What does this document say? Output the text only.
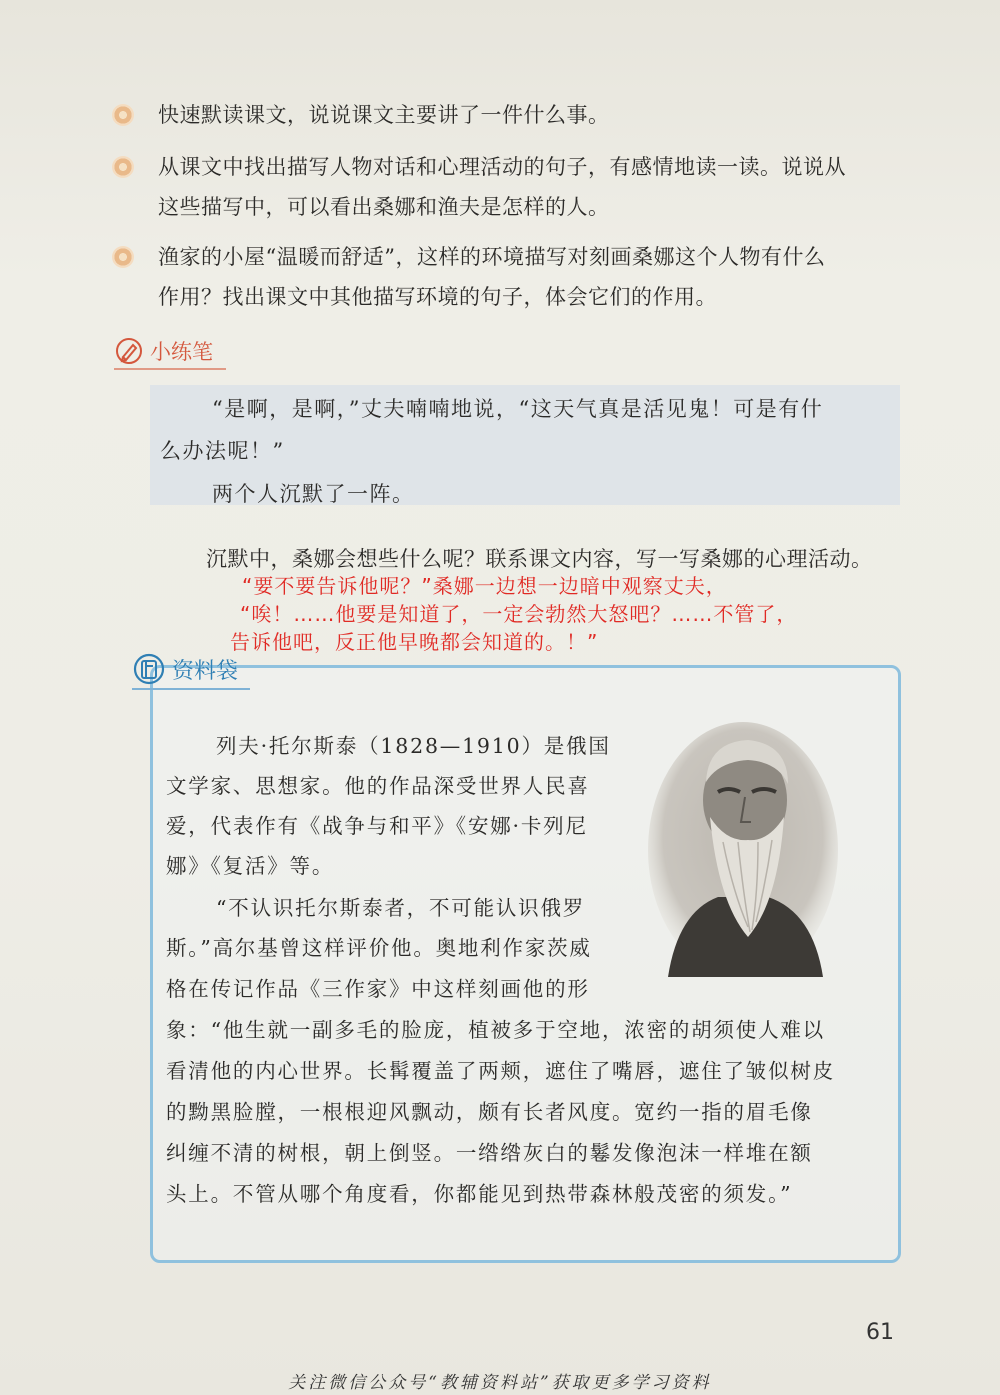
快速默读课文，说说课文主要讲了一件什么事。
从课文中找出描写人物对话和心理活动的句子，有感情地读一读。说说从
这些描写中，可以看出桑娜和渔夫是怎样的人。
渔家的小屋“温暖而舒适”，这样的环境描写对刻画桑娜这个人物有什么
作用？找出课文中其他描写环境的句子，体会它们的作用。
小练笔
“是啊，是啊，”丈夫喃喃地说，“这天气真是活见鬼！可是有什
么办法呢！”
两个人沉默了一阵。
沉默中，桑娜会想些什么呢？联系课文内容，写一写桑娜的心理活动。
“要不要告诉他呢？”桑娜一边想一边暗中观察丈夫，
“唉！……他要是知道了，一定会勃然大怒吧？……不管了，
告诉他吧，反正他早晚都会知道的。！”
资料袋
列夫·托尔斯泰（1828—1910）是俄国
文学家、思想家。他的作品深受世界人民喜
爱，代表作有《战争与和平》《安娜·卡列尼
娜》《复活》等。
“不认识托尔斯泰者，不可能认识俄罗
斯。”高尔基曾这样评价他。奥地利作家茨威
格在传记作品《三作家》中这样刻画他的形
象：“他生就一副多毛的脸庞，植被多于空地，浓密的胡须使人难以
看清他的内心世界。长髯覆盖了两颊，遮住了嘴唇，遮住了皱似树皮
的黝黑脸膛，一根根迎风飘动，颇有长者风度。宽约一指的眉毛像
纠缠不清的树根，朝上倒竖。一绺绺灰白的鬈发像泡沫一样堆在额
头上。不管从哪个角度看，你都能见到热带森林般茂密的须发。”
61
关注微信公众号“教辅资料站”获取更多学习资料
